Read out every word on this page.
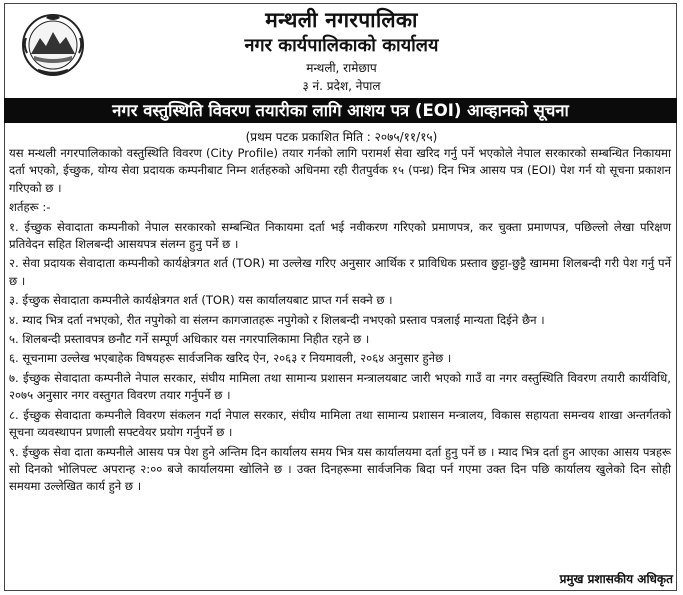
मन्थली नगरपालिका
नगर कार्यपालिकाको कार्यालय
मन्थली, रामेछाप
३ नं. प्रदेश, नेपाल
नगर वस्तुस्थिति विवरण तयारीका लागि आशय पत्र (EOI) आव्हानको सूचना
(प्रथम पटक प्रकाशित मिति : २०७५/११/१५)

यस मन्थली नगरपालिकाको वस्तुस्थिति विवरण (City Profile) तयार गर्नको लागि परामर्श सेवा खरिद गर्नु पर्ने भएकोले नेपाल सरकारको सम्बन्धित निकायमा दर्ता भएको, ईच्छुक, योग्य सेवा प्रदायक कम्पनीबाट निम्न शर्तहरुको अधिनमा रही रीतपुर्वक १५ (पन्ध्र) दिन भित्र आसय पत्र (EOI) पेश गर्न यो सूचना प्रकाशन गरिएको छ ।

शर्तहरू :-

१. ईच्छुक सेवादाता कम्पनीको नेपाल सरकारको सम्बन्धित निकायमा दर्ता भई नवीकरण गरिएको प्रमाणपत्र, कर चुक्ता प्रमाणपत्र, पछिल्लो लेखा परिक्षण प्रतिवेदन सहित शिलबन्दी आसयपत्र संलग्न हुनु पर्ने छ ।
२. सेवा प्रदायक सेवादाता कम्पनीको कार्यक्षेत्रगत शर्त (TOR) मा उल्लेख गरिए अनुसार आर्थिक र प्राविधिक प्रस्ताव छुट्टा-छुट्टै खाममा शिलबन्दी गरी पेश गर्नु पर्ने छ ।
३. ईच्छुक सेवादाता कम्पनीले कार्यक्षेत्रगत शर्त (TOR) यस कार्यालयबाट प्राप्त गर्न सक्ने छ ।
४. म्याद भित्र दर्ता नभएको, रीत नपुगेको वा संलग्न कागजातहरू नपुगेको र शिलबन्दी नभएको प्रस्ताव पत्रलाई मान्यता दिईने छैन ।
५. शिलबन्दी प्रस्तावपत्र छनौट गर्ने सम्पूर्ण अधिकार यस नगरपालिकामा निहीत रहने छ ।
६. सूचनामा उल्लेख भएबाहेक विषयहरू सार्वजनिक खरिद ऐन, २०६३ र नियमावली, २०६४ अनुसार हुनेछ ।
७. ईच्छुक सेवादाता कम्पनीले नेपाल सरकार, संघीय मामिला तथा सामान्य प्रशासन मन्त्रालयबाट जारी भएको गाउँ वा नगर वस्तुस्थिति विवरण तयारी कार्यविधि, २०७५ अनुसार नगर वस्तुगत विवरण तयार गर्नुपर्ने छ ।
८. ईच्छुक सेवादाता कम्पनीले विवरण संकलन गर्दा नेपाल सरकार, संघीय मामिला तथा सामान्य प्रशासन मन्त्रालय, विकास सहायता समन्वय शाखा अन्तर्गतको सूचना व्यवस्थापन प्रणाली सफ्टवेयर प्रयोग गर्नुपर्ने छ ।
९. ईच्छुक सेवा दाता कम्पनीले आसय पत्र पेश हुने अन्तिम दिन कार्यालय समय भित्र यस कार्यालयमा दर्ता हुनु पर्ने छ । म्याद भित्र दर्ता हुन आएका आसय पत्रहरू सो दिनको भोलिपल्ट अपरान्ह २:०० बजे कार्यालयमा खोलिने छ । उक्त दिनहरूमा सार्वजनिक बिदा पर्न गएमा उक्त दिन पछि कार्यालय खुलेको दिन सोही समयमा उल्लेखित कार्य हुने छ ।
प्रमुख प्रशासकीय अधिकृत
